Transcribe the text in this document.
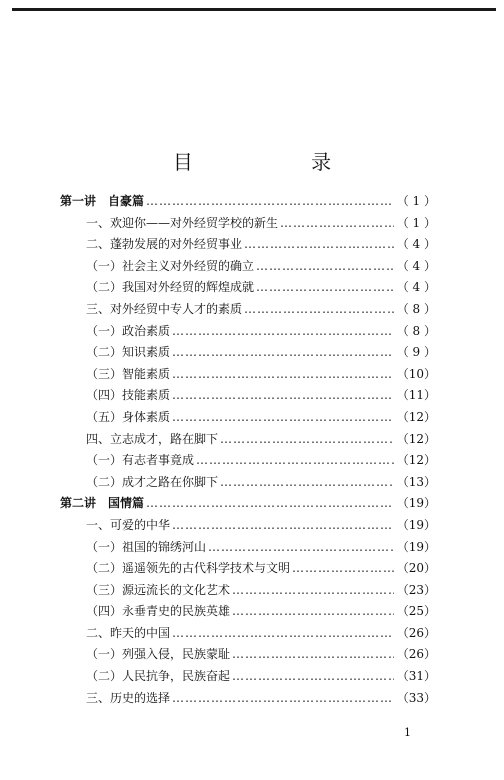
目 录
第一讲　自豪篇 ……………………………………………………………………………………………………………………………………………………	（ 1 ）
一、欢迎你——对外经贸学校的新生 ……………………………………………………………………………………………………………………………………………………	（ 1 ）
二、蓬勃发展的对外经贸事业 ……………………………………………………………………………………………………………………………………………………	（ 4 ）
（一）社会主义对外经贸的确立 ……………………………………………………………………………………………………………………………………………………	（ 4 ）
（二）我国对外经贸的辉煌成就 ……………………………………………………………………………………………………………………………………………………	（ 4 ）
三、对外经贸中专人才的素质 ……………………………………………………………………………………………………………………………………………………	（ 8 ）
（一）政治素质 ……………………………………………………………………………………………………………………………………………………	（ 8 ）
（二）知识素质 ……………………………………………………………………………………………………………………………………………………	（ 9 ）
（三）智能素质 ……………………………………………………………………………………………………………………………………………………	（10）
（四）技能素质 ……………………………………………………………………………………………………………………………………………………	（11）
（五）身体素质 ……………………………………………………………………………………………………………………………………………………	（12）
四、立志成才，路在脚下 ……………………………………………………………………………………………………………………………………………………	（12）
（一）有志者事竟成 ……………………………………………………………………………………………………………………………………………………	（12）
（二）成才之路在你脚下 ……………………………………………………………………………………………………………………………………………………	（13）
第二讲　国情篇 ……………………………………………………………………………………………………………………………………………………	（19）
一、可爱的中华 ……………………………………………………………………………………………………………………………………………………	（19）
（一）祖国的锦绣河山 ……………………………………………………………………………………………………………………………………………………	（19）
（二）遥遥领先的古代科学技术与文明 ……………………………………………………………………………………………………………………………………………………	（20）
（三）源远流长的文化艺术 ……………………………………………………………………………………………………………………………………………………	（23）
（四）永垂青史的民族英雄 ……………………………………………………………………………………………………………………………………………………	（25）
二、昨天的中国 ……………………………………………………………………………………………………………………………………………………	（26）
（一）列强入侵，民族蒙耻 ……………………………………………………………………………………………………………………………………………………	（26）
（二）人民抗争，民族奋起 ……………………………………………………………………………………………………………………………………………………	（31）
三、历史的选择 ……………………………………………………………………………………………………………………………………………………	（33）
1
